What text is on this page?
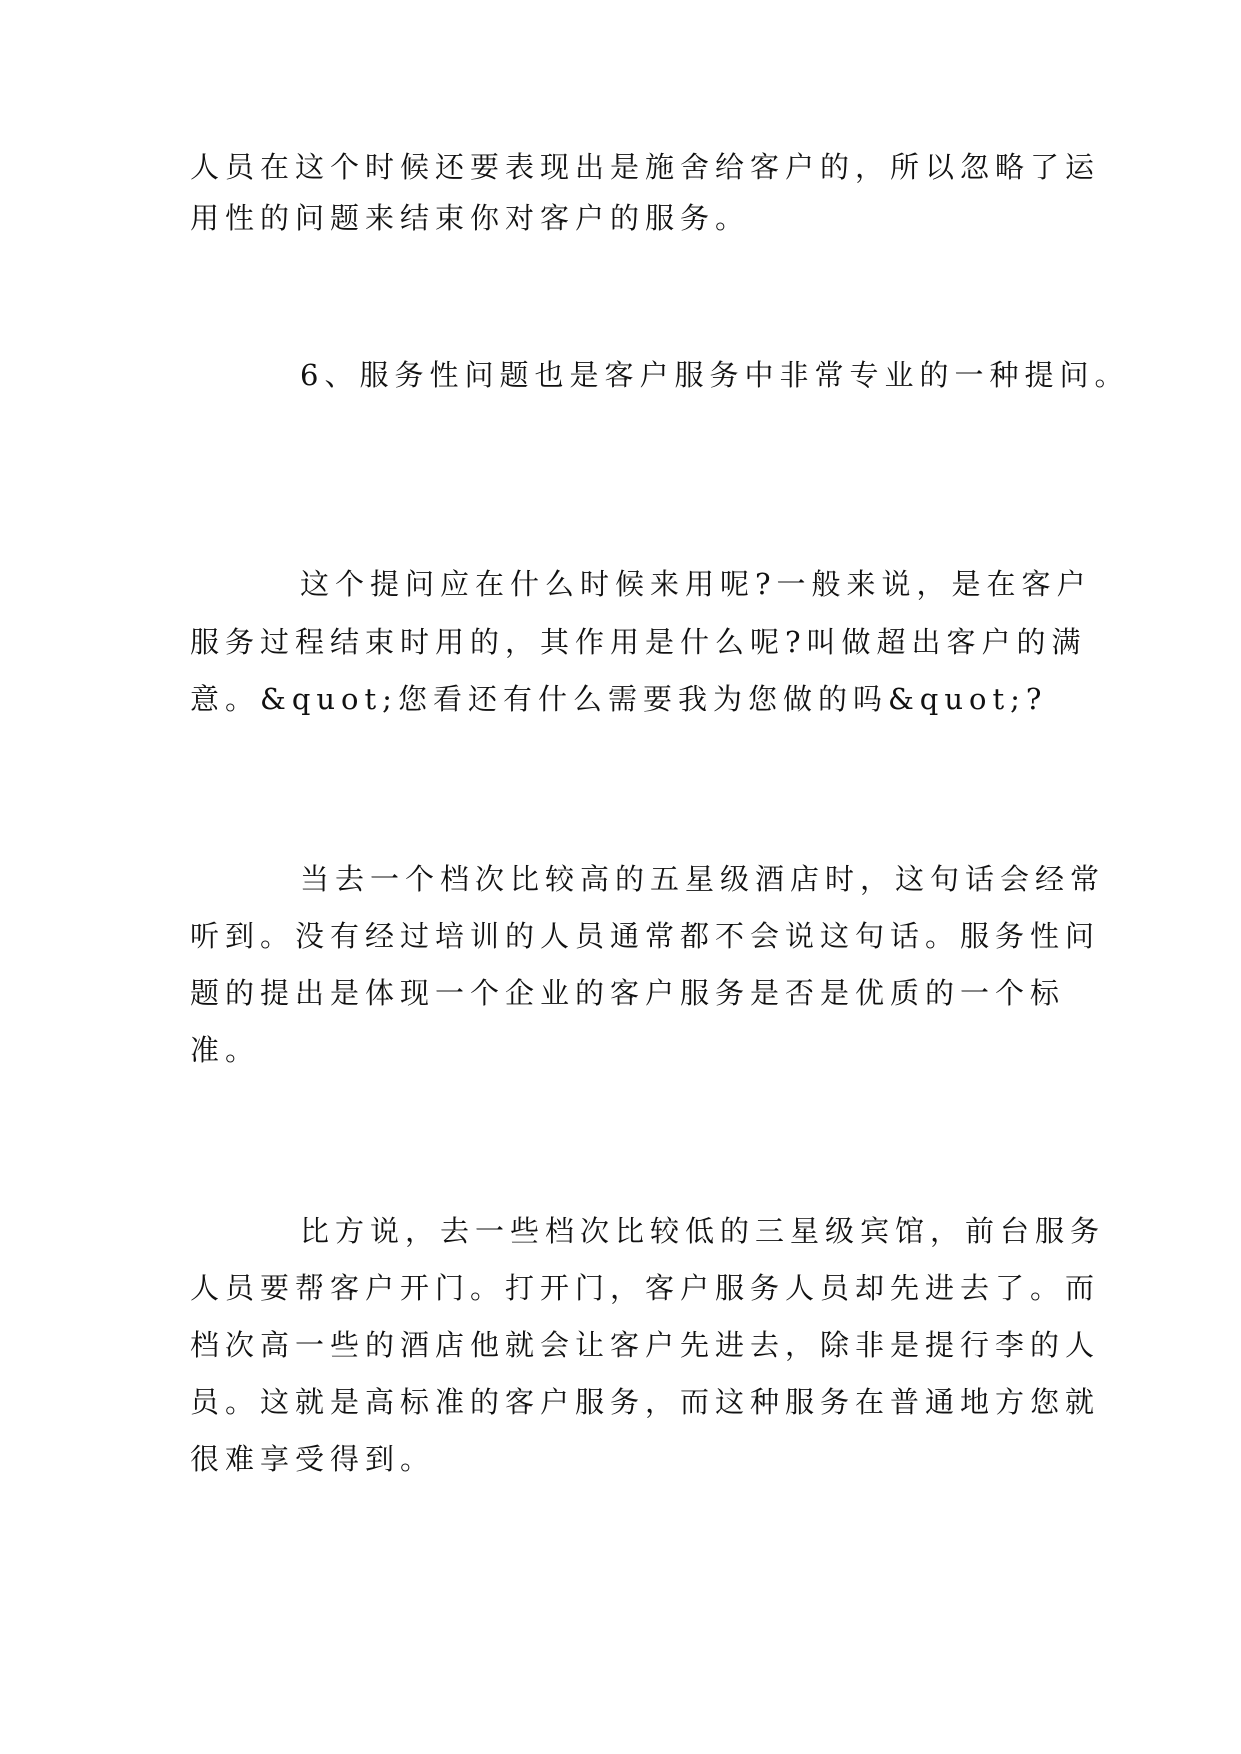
人员在这个时候还要表现出是施舍给客户的，所以忽略了运

用性的问题来结束你对客户的服务。

6、服务性问题也是客户服务中非常专业的一种提问。

这个提问应在什么时候来用呢?一般来说，是在客户

服务过程结束时用的，其作用是什么呢?叫做超出客户的满

意。&quot;您看还有什么需要我为您做的吗&quot;?

当去一个档次比较高的五星级酒店时，这句话会经常

听到。没有经过培训的人员通常都不会说这句话。服务性问

题的提出是体现一个企业的客户服务是否是优质的一个标

准。

比方说，去一些档次比较低的三星级宾馆，前台服务

人员要帮客户开门。打开门，客户服务人员却先进去了。而

档次高一些的酒店他就会让客户先进去，除非是提行李的人

员。这就是高标准的客户服务，而这种服务在普通地方您就

很难享受得到。
